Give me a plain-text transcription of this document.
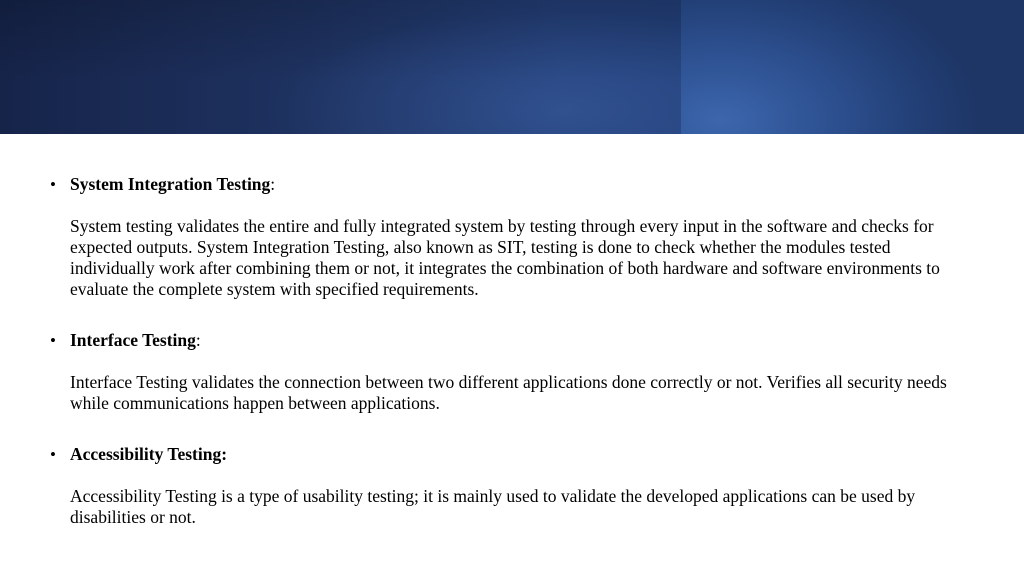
• System Integration Testing:

System testing validates the entire and fully integrated system by testing through every input in the software and checks for expected outputs. System Integration Testing, also known as SIT, testing is done to check whether the modules tested individually work after combining them or not, it integrates the combination of both hardware and software environments to evaluate the complete system with specified requirements.

• Interface Testing:

Interface Testing validates the connection between two different applications done correctly or not. Verifies all security needs while communications happen between applications.

• Accessibility Testing:

Accessibility Testing is a type of usability testing; it is mainly used to validate the developed applications can be used by disabilities or not.
